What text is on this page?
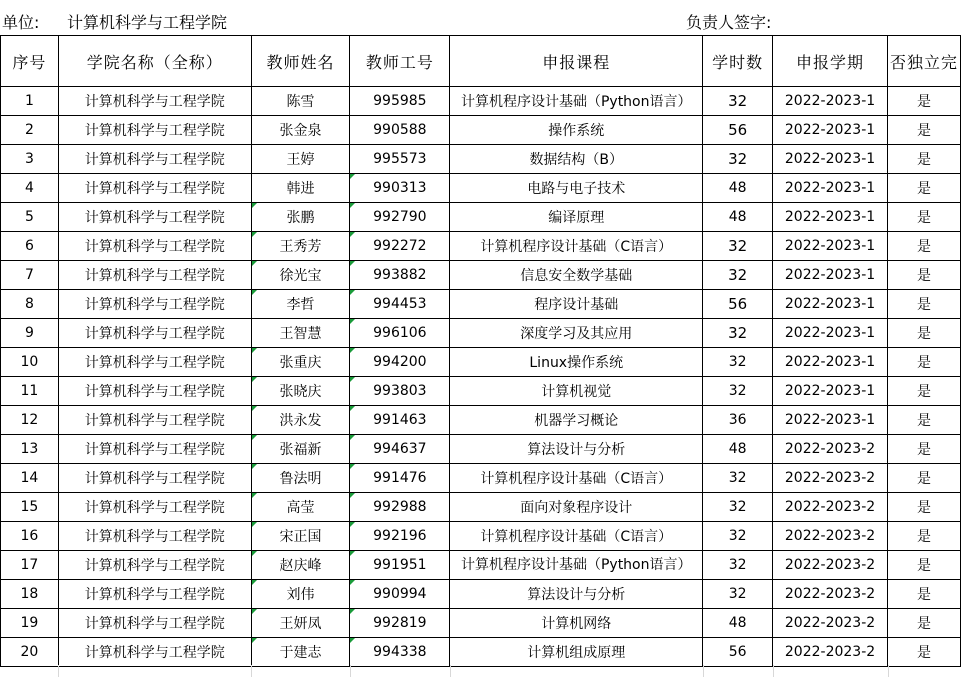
单位: 计算机科学与工程学院	负责人签字:
序号	学院名称（全称）	教师姓名	教师工号	申报课程	学时数	申报学期	否独立完
1	计算机科学与工程学院	陈雪	995985	计算机程序设计基础（Python语言）	32	2022-2023-1	是
2	计算机科学与工程学院	张金泉	990588	操作系统	56	2022-2023-1	是
3	计算机科学与工程学院	王婷	995573	数据结构（B）	32	2022-2023-1	是
4	计算机科学与工程学院	韩进	990313	电路与电子技术	48	2022-2023-1	是
5	计算机科学与工程学院	张鹏	992790	编译原理	48	2022-2023-1	是
6	计算机科学与工程学院	王秀芳	992272	计算机程序设计基础（C语言）	32	2022-2023-1	是
7	计算机科学与工程学院	徐光宝	993882	信息安全数学基础	32	2022-2023-1	是
8	计算机科学与工程学院	李哲	994453	程序设计基础	56	2022-2023-1	是
9	计算机科学与工程学院	王智慧	996106	深度学习及其应用	32	2022-2023-1	是
10	计算机科学与工程学院	张重庆	994200	Linux操作系统	32	2022-2023-1	是
11	计算机科学与工程学院	张晓庆	993803	计算机视觉	32	2022-2023-1	是
12	计算机科学与工程学院	洪永发	991463	机器学习概论	36	2022-2023-1	是
13	计算机科学与工程学院	张福新	994637	算法设计与分析	48	2022-2023-2	是
14	计算机科学与工程学院	鲁法明	991476	计算机程序设计基础（C语言）	32	2022-2023-2	是
15	计算机科学与工程学院	高莹	992988	面向对象程序设计	32	2022-2023-2	是
16	计算机科学与工程学院	宋正国	992196	计算机程序设计基础（C语言）	32	2022-2023-2	是
17	计算机科学与工程学院	赵庆峰	991951	计算机程序设计基础（Python语言）	32	2022-2023-2	是
18	计算机科学与工程学院	刘伟	990994	算法设计与分析	32	2022-2023-2	是
19	计算机科学与工程学院	王妍凤	992819	计算机网络	48	2022-2023-2	是
20	计算机科学与工程学院	于建志	994338	计算机组成原理	56	2022-2023-2	是
